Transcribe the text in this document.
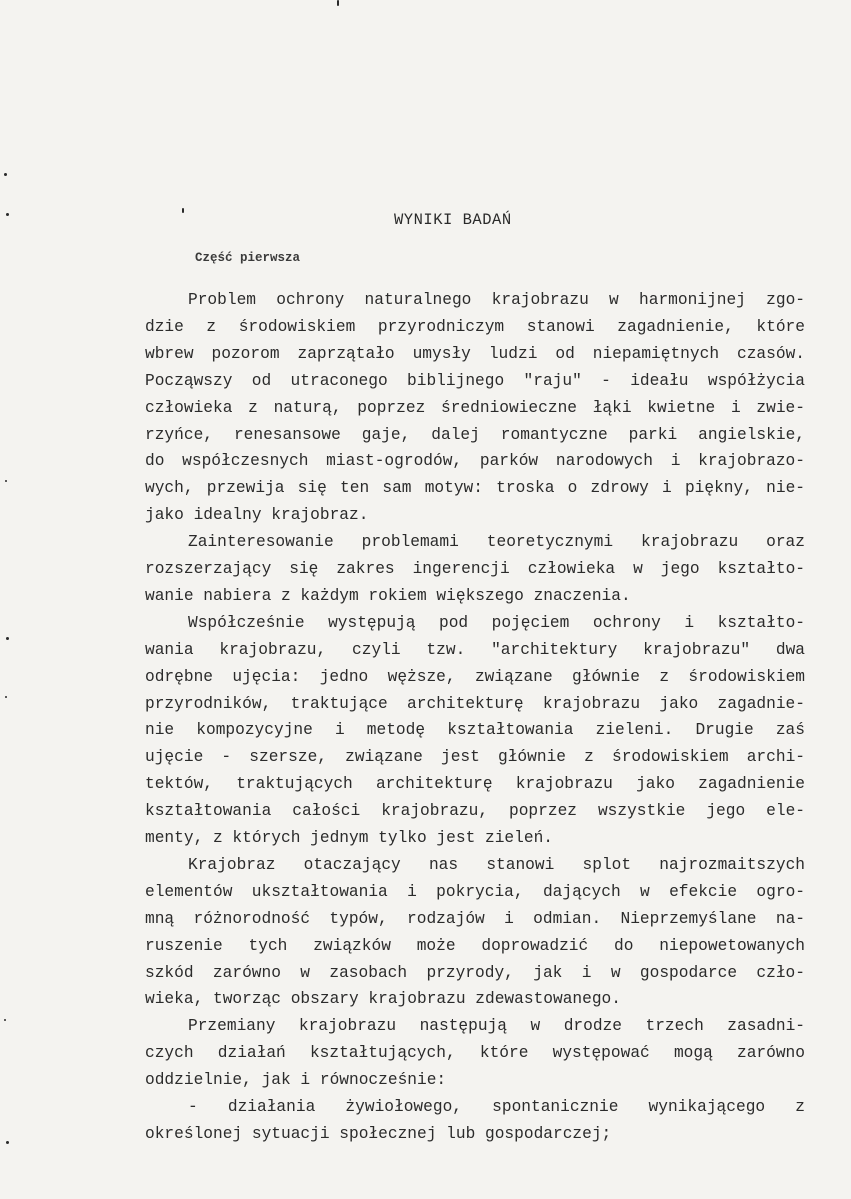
WYNIKI BADAŃ
Część pierwsza
Problem ochrony naturalnego krajobrazu w harmonijnej zgo-
dzie z środowiskiem przyrodniczym stanowi zagadnienie, które
wbrew pozorom zaprzątało umysły ludzi od niepamiętnych czasów.
Począwszy od utraconego biblijnego "raju" - ideału współżycia
człowieka z naturą, poprzez średniowieczne łąki kwietne i zwie-
rzyńce, renesansowe gaje, dalej romantyczne parki angielskie,
do współczesnych miast-ogrodów, parków narodowych i krajobrazo-
wych, przewija się ten sam motyw: troska o zdrowy i piękny, nie-
jako idealny krajobraz.
Zainteresowanie problemami teoretycznymi krajobrazu oraz
rozszerzający się zakres ingerencji człowieka w jego kształto-
wanie nabiera z każdym rokiem większego znaczenia.
Współcześnie występują pod pojęciem ochrony i kształto-
wania krajobrazu, czyli tzw. "architektury krajobrazu" dwa
odrębne ujęcia: jedno węższe, związane głównie z środowiskiem
przyrodników, traktujące architekturę krajobrazu jako zagadnie-
nie kompozycyjne i metodę kształtowania zieleni. Drugie zaś
ujęcie - szersze, związane jest głównie z środowiskiem archi-
tektów, traktujących architekturę krajobrazu jako zagadnienie
kształtowania całości krajobrazu, poprzez wszystkie jego ele-
menty, z których jednym tylko jest zieleń.
Krajobraz otaczający nas stanowi splot najrozmaitszych
elementów ukształtowania i pokrycia, dających w efekcie ogro-
mną różnorodność typów, rodzajów i odmian. Nieprzemyślane na-
ruszenie tych związków może doprowadzić do niepowetowanych
szkód zarówno w zasobach przyrody, jak i w gospodarce czło-
wieka, tworząc obszary krajobrazu zdewastowanego.
Przemiany krajobrazu następują w drodze trzech zasadni-
czych działań kształtujących, które występować mogą zarówno
oddzielnie, jak i równocześnie:
- działania żywiołowego, spontanicznie wynikającego z
określonej sytuacji społecznej lub gospodarczej;
